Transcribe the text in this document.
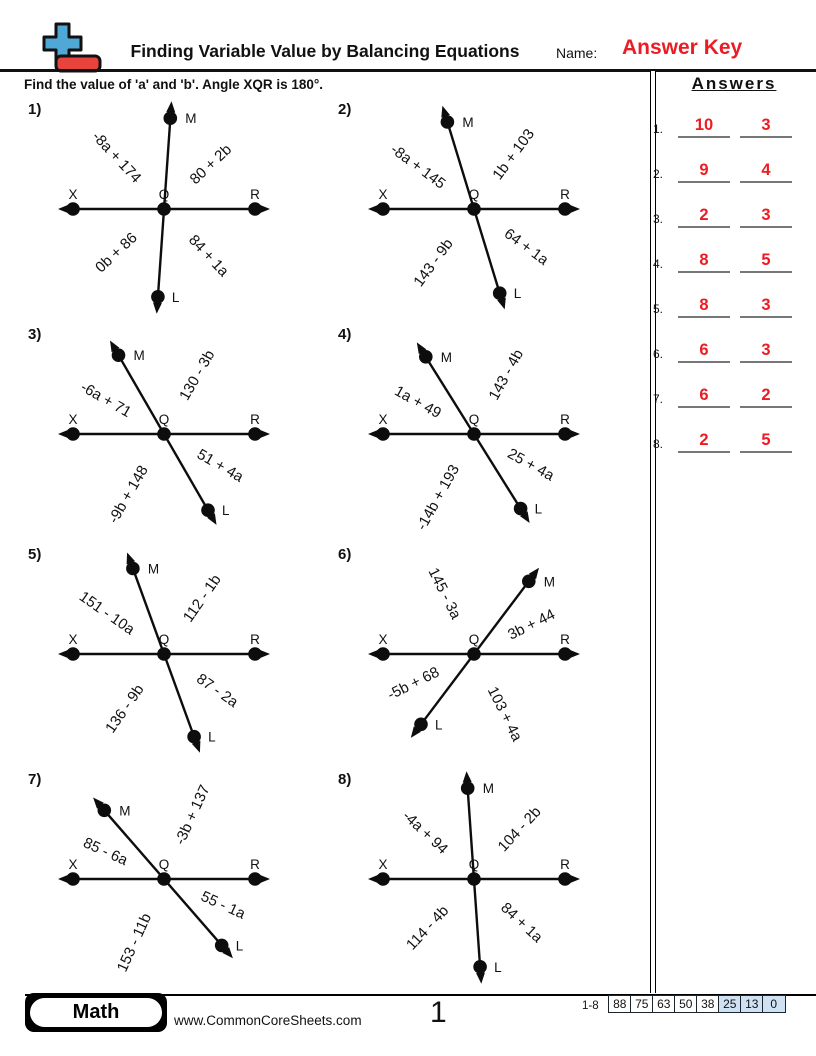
Finding Variable Value by Balancing Equations	Name: Answer Key
Find the value of 'a' and 'b'. Angle XQR is 180°.	Answers
1.	10	3
2.	9	4
3.	2	3
4.	8	5
5.	8	3
6.	6	3
7.	6	2
8.	2	5
1)
X	R
Q
M
L
-8a + 174	80 + 2b
0b + 86	84 + 1a
2)
X	R
Q
M
L
-8a + 145	1b + 103
143 - 9b	64 + 1a
3)
X	R
Q
M
L
-6a + 71	130 - 3b
-9b + 148	51 + 4a
4)
X	R
Q
M
L
1a + 49	143 - 4b
-14b + 193	25 + 4a
5)
X	R
Q
M
L
151 - 10a	112 - 1b
136 - 9b	87 - 2a
6)
X	R
Q
M
L
145 - 3a
3b + 44
-5b + 68
103 + 4a
7)
X	R
Q
M
L
85 - 6a
-3b + 137
153 - 11b
55 - 1a
8)
X	R
Q
M
L
-4a + 94	104 - 2b
114 - 4b	84 + 1a
Math	www.CommonCoreSheets.com 1	1-8	88 75 63 50 38 25 13 0
